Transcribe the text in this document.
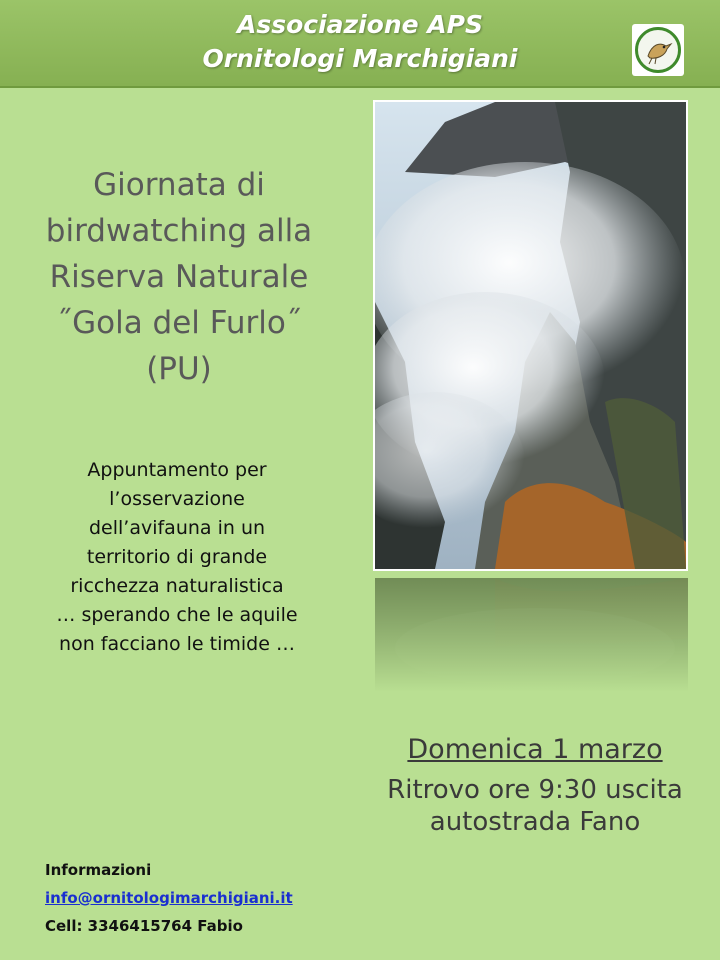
Associazione APS
Ornitologi Marchigiani
Giornata di
birdwatching alla
Riserva Naturale
˝Gola del Furlo˝
(PU)
Appuntamento per
l’osservazione
dell’avifauna in un
territorio di grande
ricchezza naturalistica
… sperando che le aquile
non facciano le timide …
Domenica 1 marzo
Ritrovo ore 9:30 uscita
autostrada Fano
Informazioni
info@ornitologimarchigiani.it
Cell: 3346415764 Fabio
